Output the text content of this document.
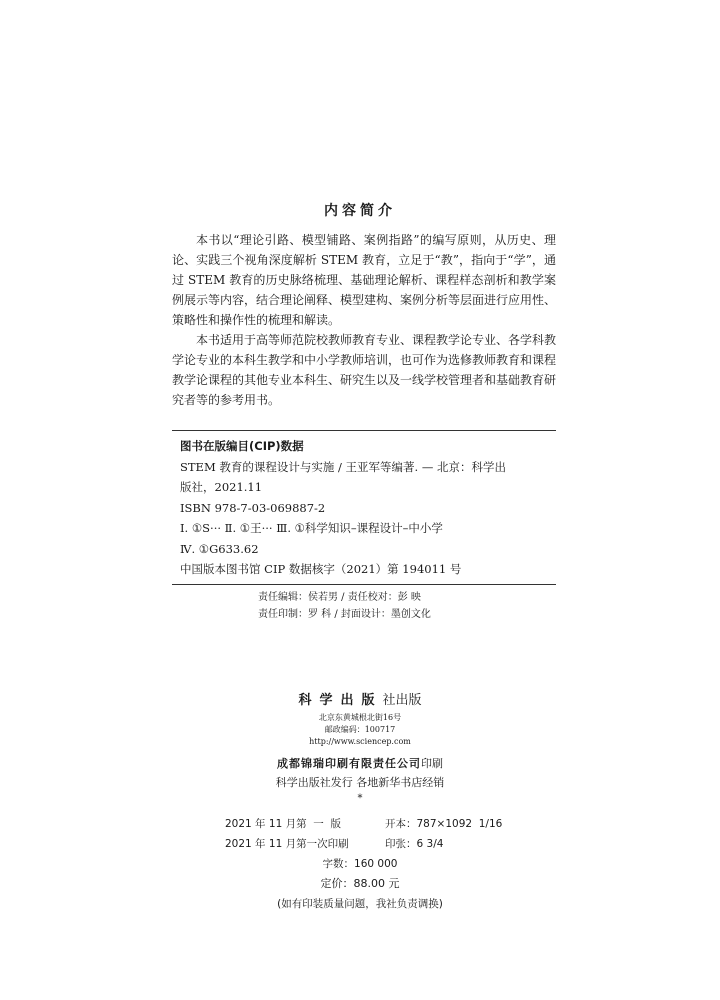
内容简介

本书以“理论引路、模型铺路、案例指路”的编写原则，从历史、理论、实践三个视角深度解析 STEM 教育，立足于“教”，指向于“学”，通过 STEM 教育的历史脉络梳理、基础理论解析、课程样态剖析和教学案例展示等内容，结合理论阐释、模型建构、案例分析等层面进行应用性、策略性和操作性的梳理和解读。

本书适用于高等师范院校教师教育专业、课程教学论专业、各学科教学论专业的本科生教学和中小学教师培训，也可作为选修教师教育和课程教学论课程的其他专业本科生、研究生以及一线学校管理者和基础教育研究者等的参考用书。

图书在版编目(CIP)数据
STEM 教育的课程设计与实施 / 王亚军等编著. — 北京：科学出
版社，2021.11
ISBN 978-7-03-069887-2
Ⅰ. ①S··· Ⅱ. ①王··· Ⅲ. ①科学知识–课程设计–中小学
Ⅳ. ①G633.62
中国版本图书馆 CIP 数据核字（2021）第 194011 号
责任编辑：侯若男 / 责任校对：彭 映
责任印制：罗 科 / 封面设计：墨创文化
科学出版社出版
北京东黄城根北街16号
邮政编码：100717
http://www.sciencep.com
成都锦瑞印刷有限责任公司印刷
科学出版社发行 各地新华书店经销
*
2021 年 11 月第  一  版	开本：787×1092  1/16
2021 年 11 月第一次印刷	印张：6 3/4
字数：160 000
定价：88.00 元
(如有印装质量问题，我社负责调换)
